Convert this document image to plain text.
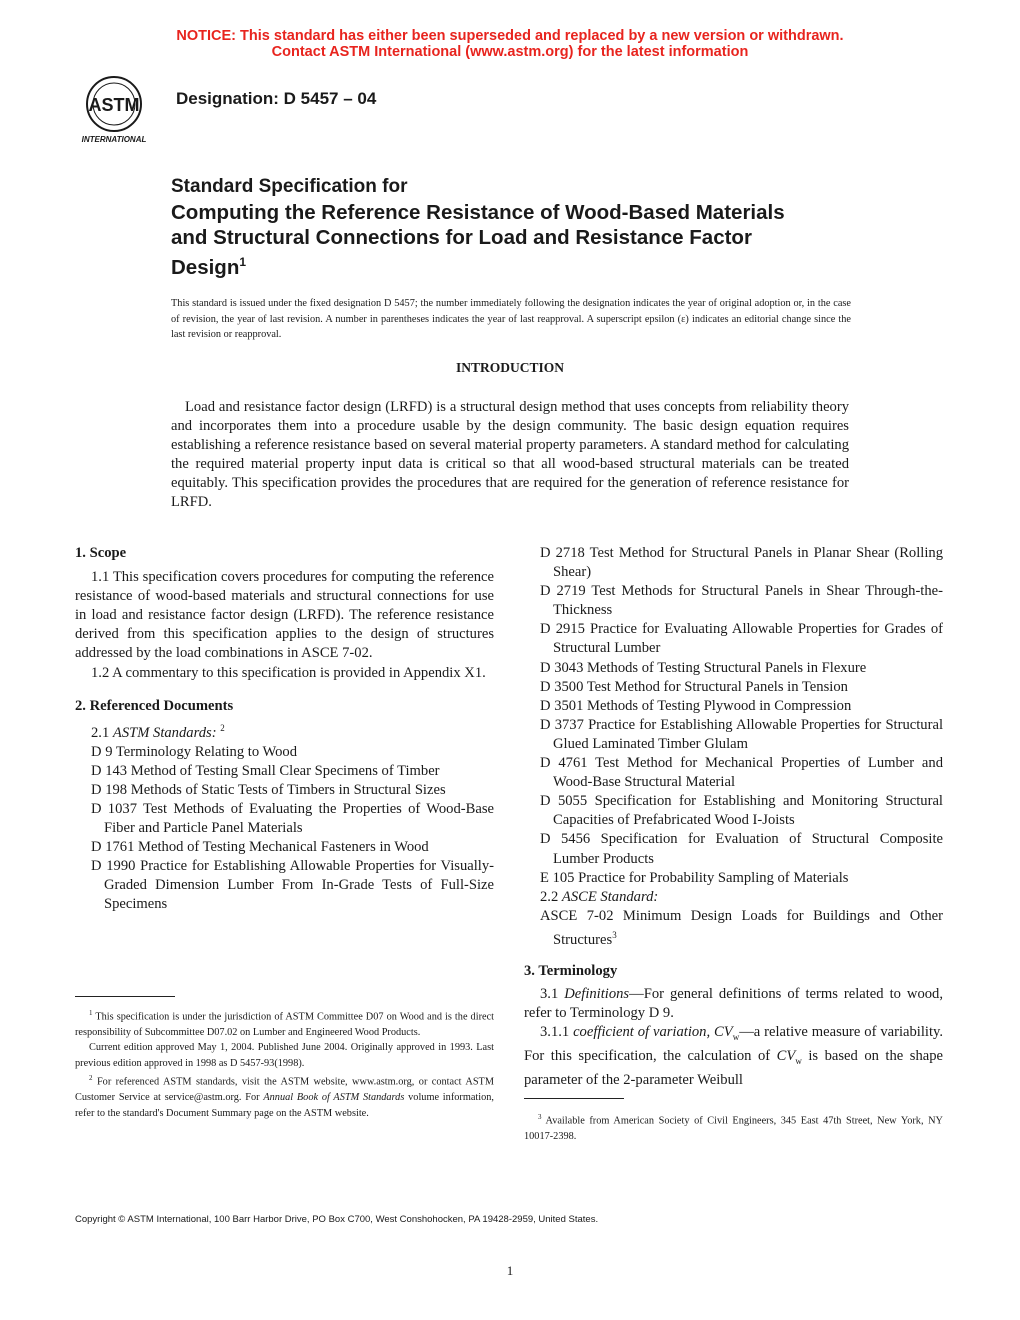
NOTICE: This standard has either been superseded and replaced by a new version or withdrawn.
Contact ASTM International (www.astm.org) for the latest information
ASTM
INTERNATIONAL
Designation: D 5457 – 04
Standard Specification for
Computing the Reference Resistance of Wood-Based Materials and Structural Connections for Load and Resistance Factor Design$^1$
This standard is issued under the fixed designation D 5457; the number immediately following the designation indicates the year of original adoption or, in the case of revision, the year of last revision. A number in parentheses indicates the year of last reapproval. A superscript epsilon (ε) indicates an editorial change since the last revision or reapproval.
INTRODUCTION
Load and resistance factor design (LRFD) is a structural design method that uses concepts from reliability theory and incorporates them into a procedure usable by the design community. The basic design equation requires establishing a reference resistance based on several material property parameters. A standard method for calculating the required material property input data is critical so that all wood-based structural materials can be treated equitably. This specification provides the procedures that are required for the generation of reference resistance for LRFD.

1. Scope

1.1 This specification covers procedures for computing the reference resistance of wood-based materials and structural connections for use in load and resistance factor design (LRFD). The reference resistance derived from this specification applies to the design of structures addressed by the load combinations in ASCE 7-02.

1.2 A commentary to this specification is provided in Appendix X1.

2. Referenced Documents

2.1 ASTM Standards: $^2$

D 9 Terminology Relating to Wood

D 143 Method of Testing Small Clear Specimens of Timber

D 198 Methods of Static Tests of Timbers in Structural Sizes

D 1037 Test Methods of Evaluating the Properties of Wood-Base Fiber and Particle Panel Materials

D 1761 Method of Testing Mechanical Fasteners in Wood

D 1990 Practice for Establishing Allowable Properties for Visually-Graded Dimension Lumber From In-Grade Tests of Full-Size Specimens

$^1$ This specification is under the jurisdiction of ASTM Committee D07 on Wood and is the direct responsibility of Subcommittee D07.02 on Lumber and Engineered Wood Products.
Current edition approved May 1, 2004. Published June 2004. Originally approved in 1993. Last previous edition approved in 1998 as D 5457-93(1998).
$^2$ For referenced ASTM standards, visit the ASTM website, www.astm.org, or contact ASTM Customer Service at service@astm.org. For Annual Book of ASTM Standards volume information, refer to the standard's Document Summary page on the ASTM website.

D 2718 Test Method for Structural Panels in Planar Shear (Rolling Shear)

D 2719 Test Methods for Structural Panels in Shear Through-the-Thickness

D 2915 Practice for Evaluating Allowable Properties for Grades of Structural Lumber

D 3043 Methods of Testing Structural Panels in Flexure

D 3500 Test Method for Structural Panels in Tension

D 3501 Methods of Testing Plywood in Compression

D 3737 Practice for Establishing Allowable Properties for Structural Glued Laminated Timber Glulam

D 4761 Test Method for Mechanical Properties of Lumber and Wood-Base Structural Material

D 5055 Specification for Establishing and Monitoring Structural Capacities of Prefabricated Wood I-Joists

D 5456 Specification for Evaluation of Structural Composite Lumber Products

E 105 Practice for Probability Sampling of Materials

2.2 ASCE Standard:

ASCE 7-02 Minimum Design Loads for Buildings and Other Structures$^3$

3. Terminology

3.1 Definitions—For general definitions of terms related to wood, refer to Terminology D 9.

3.1.1 coefficient of variation, $CV_w—a$ relative measure of variability. For this specification, the calculation of $CV_w$ is based on the shape parameter of the 2-parameter Weibull

$^3$ Available from American Society of Civil Engineers, 345 East 47th Street, New York, NY 10017-2398.
Copyright © ASTM International, 100 Barr Harbor Drive, PO Box C700, West Conshohocken, PA 19428-2959, United States.
1
